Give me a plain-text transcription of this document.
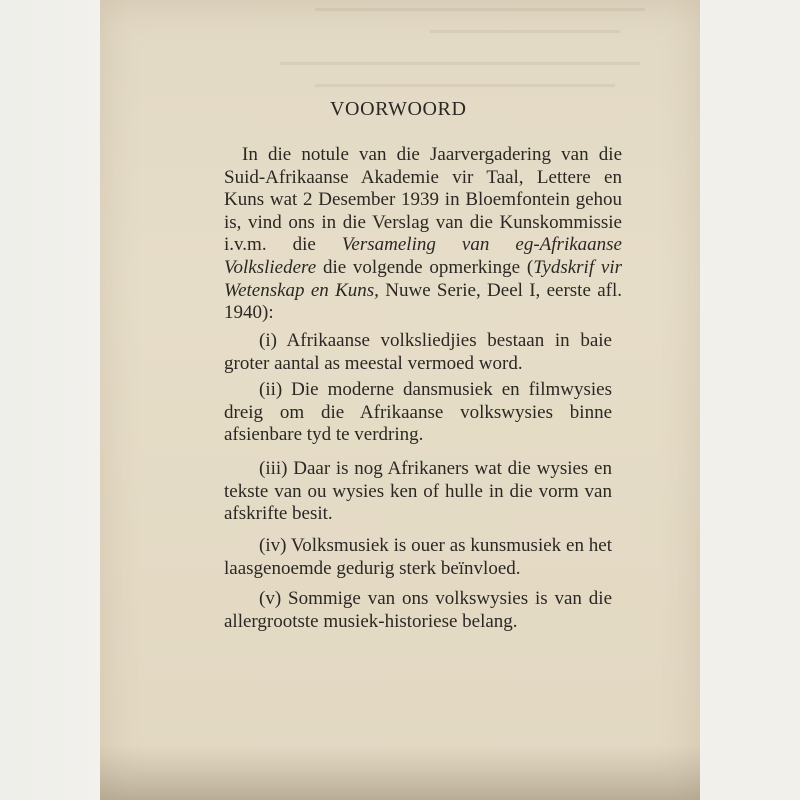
VOORWOORD

In die notule van die Jaarvergadering van die Suid-Afrikaanse Akademie vir Taal, Lettere en Kuns wat 2 Desember 1939 in Bloemfontein gehou is, vind ons in die Verslag van die Kunskommissie i.v.m. die Versameling van eg-Afrikaanse Volksliedere die volgende opmerkinge (Tydskrif vir Wetenskap en Kuns, Nuwe Serie, Deel I, eerste afl. 1940):

(i) Afrikaanse volksliedjies bestaan in baie groter aantal as meestal vermoed word.

(ii) Die moderne dansmusiek en filmwysies dreig om die Afrikaanse volkswysies binne afsienbare tyd te verdring.

(iii) Daar is nog Afrikaners wat die wysies en tekste van ou wysies ken of hulle in die vorm van afskrifte besit.

(iv) Volksmusiek is ouer as kunsmusiek en het laasgenoemde gedurig sterk beïnvloed.

(v) Sommige van ons volkswysies is van die allergrootste musiek-historiese belang.
